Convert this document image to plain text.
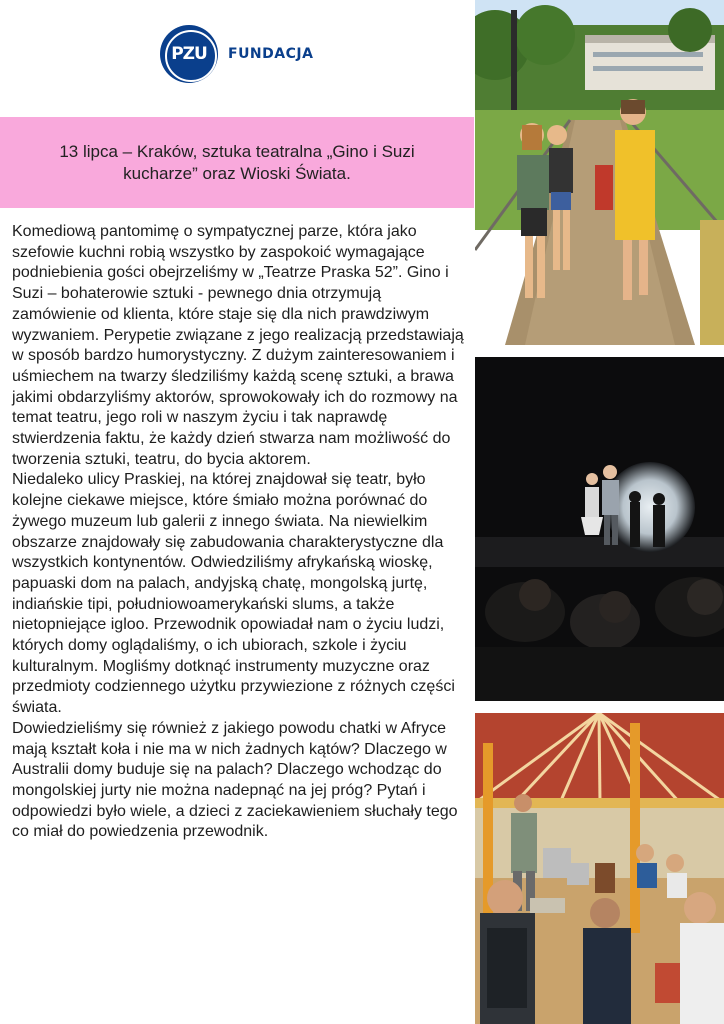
PZU FUNDACJA
13 lipca – Kraków, sztuka teatralna „Gino i Suzi
kucharze” oraz Wioski Świata.

Komediową pantomimę o sympatycznej parze, która jako szefowie kuchni robią wszystko by zaspokoić wymagające podniebienia gości obejrzeliśmy w „Teatrze Praska 52”. Gino i Suzi – bohaterowie sztuki - pewnego dnia otrzymują zamówienie od klienta, które staje się dla nich prawdziwym wyzwaniem. Perypetie związane z jego realizacją przedstawiają w sposób bardzo humorystyczny. Z dużym zainteresowaniem i uśmiechem na twarzy śledziliśmy każdą scenę sztuki, a brawa jakimi obdarzyliśmy aktorów, sprowokowały ich do rozmowy na temat teatru, jego roli w naszym życiu i tak naprawdę stwierdzenia faktu, że każdy dzień stwarza nam możliwość do tworzenia sztuki, teatru, do bycia aktorem.

Niedaleko ulicy Praskiej, na której znajdował się teatr, było kolejne ciekawe miejsce, które śmiało można porównać do żywego muzeum lub galerii z innego świata. Na niewielkim obszarze znajdowały się zabudowania charakterystyczne dla wszystkich kontynentów. Odwiedziliśmy afrykańską wioskę, papuaski dom na palach, andyjską chatę, mongolską jurtę, indiańskie tipi, południowoamerykański slums, a także nietopniejące igloo. Przewodnik opowiadał nam o życiu ludzi, których domy oglądaliśmy, o ich ubiorach, szkole i życiu kulturalnym. Mogliśmy dotknąć instrumenty muzyczne oraz przedmioty codziennego użytku przywiezione z różnych części świata.

Dowiedzieliśmy się również z jakiego powodu chatki w Afryce mają kształt koła i nie ma w nich żadnych kątów? Dlaczego w Australii domy buduje się na palach? Dlaczego wchodząc do mongolskiej jurty nie można nadepnąć na jej próg? Pytań i odpowiedzi było wiele, a dzieci z zaciekawieniem słuchały tego co miał do powiedzenia przewodnik.
